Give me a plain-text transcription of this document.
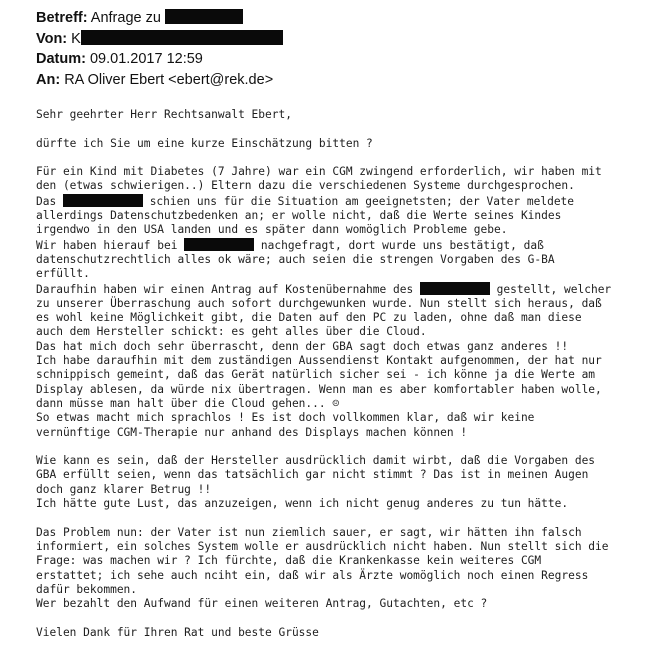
Betreff: Anfrage zu
Von: K
Datum: 09.01.2017 12:59
An: RA Oliver Ebert <ebert@rek.de>
Sehr geehrter Herr Rechtsanwalt Ebert,
dürfte ich Sie um eine kurze Einschätzung bitten ?
Für ein Kind mit Diabetes (7 Jahre) war ein CGM zwingend erforderlich, wir haben mit
den (etwas schwierigen..) Eltern dazu die verschiedenen Systeme durchgesprochen.
Das	schien uns für die Situation am geeignetsten; der Vater meldete
allerdings Datenschutzbedenken an; er wolle nicht, daß die Werte seines Kindes
irgendwo in den USA landen und es später dann womöglich Probleme gebe.
Wir haben hierauf bei	nachgefragt, dort wurde uns bestätigt, daß
datenschutzrechtlich alles ok wäre; auch seien die strengen Vorgaben des G-BA
erfüllt.
Daraufhin haben wir einen Antrag auf Kostenübernahme des	gestellt, welcher
zu unserer Überraschung auch sofort durchgewunken wurde. Nun stellt sich heraus, daß
es wohl keine Möglichkeit gibt, die Daten auf den PC zu laden, ohne daß man diese
auch dem Hersteller schickt: es geht alles über die Cloud.
Das hat mich doch sehr überrascht, denn der GBA sagt doch etwas ganz anderes !!
Ich habe daraufhin mit dem zuständigen Aussendienst Kontakt aufgenommen, der hat nur
schnippisch gemeint, daß das Gerät natürlich sicher sei - ich könne ja die Werte am
Display ablesen, da würde nix übertragen. Wenn man es aber komfortabler haben wolle,
dann müsse man halt über die Cloud gehen... ☹
So etwas macht mich sprachlos ! Es ist doch vollkommen klar, daß wir keine
vernünftige CGM-Therapie nur anhand des Displays machen können !
Wie kann es sein, daß der Hersteller ausdrücklich damit wirbt, daß die Vorgaben des
GBA erfüllt seien, wenn das tatsächlich gar nicht stimmt ? Das ist in meinen Augen
doch ganz klarer Betrug !!
Ich hätte gute Lust, das anzuzeigen, wenn ich nicht genug anderes zu tun hätte.
Das Problem nun: der Vater ist nun ziemlich sauer, er sagt, wir hätten ihn falsch
informiert, ein solches System wolle er ausdrücklich nicht haben. Nun stellt sich die
Frage: was machen wir ? Ich fürchte, daß die Krankenkasse kein weiteres CGM
erstattet; ich sehe auch nciht ein, daß wir als Ärzte womöglich noch einen Regress
dafür bekommen.
Wer bezahlt den Aufwand für einen weiteren Antrag, Gutachten, etc ?
Vielen Dank für Ihren Rat und beste Grüsse
